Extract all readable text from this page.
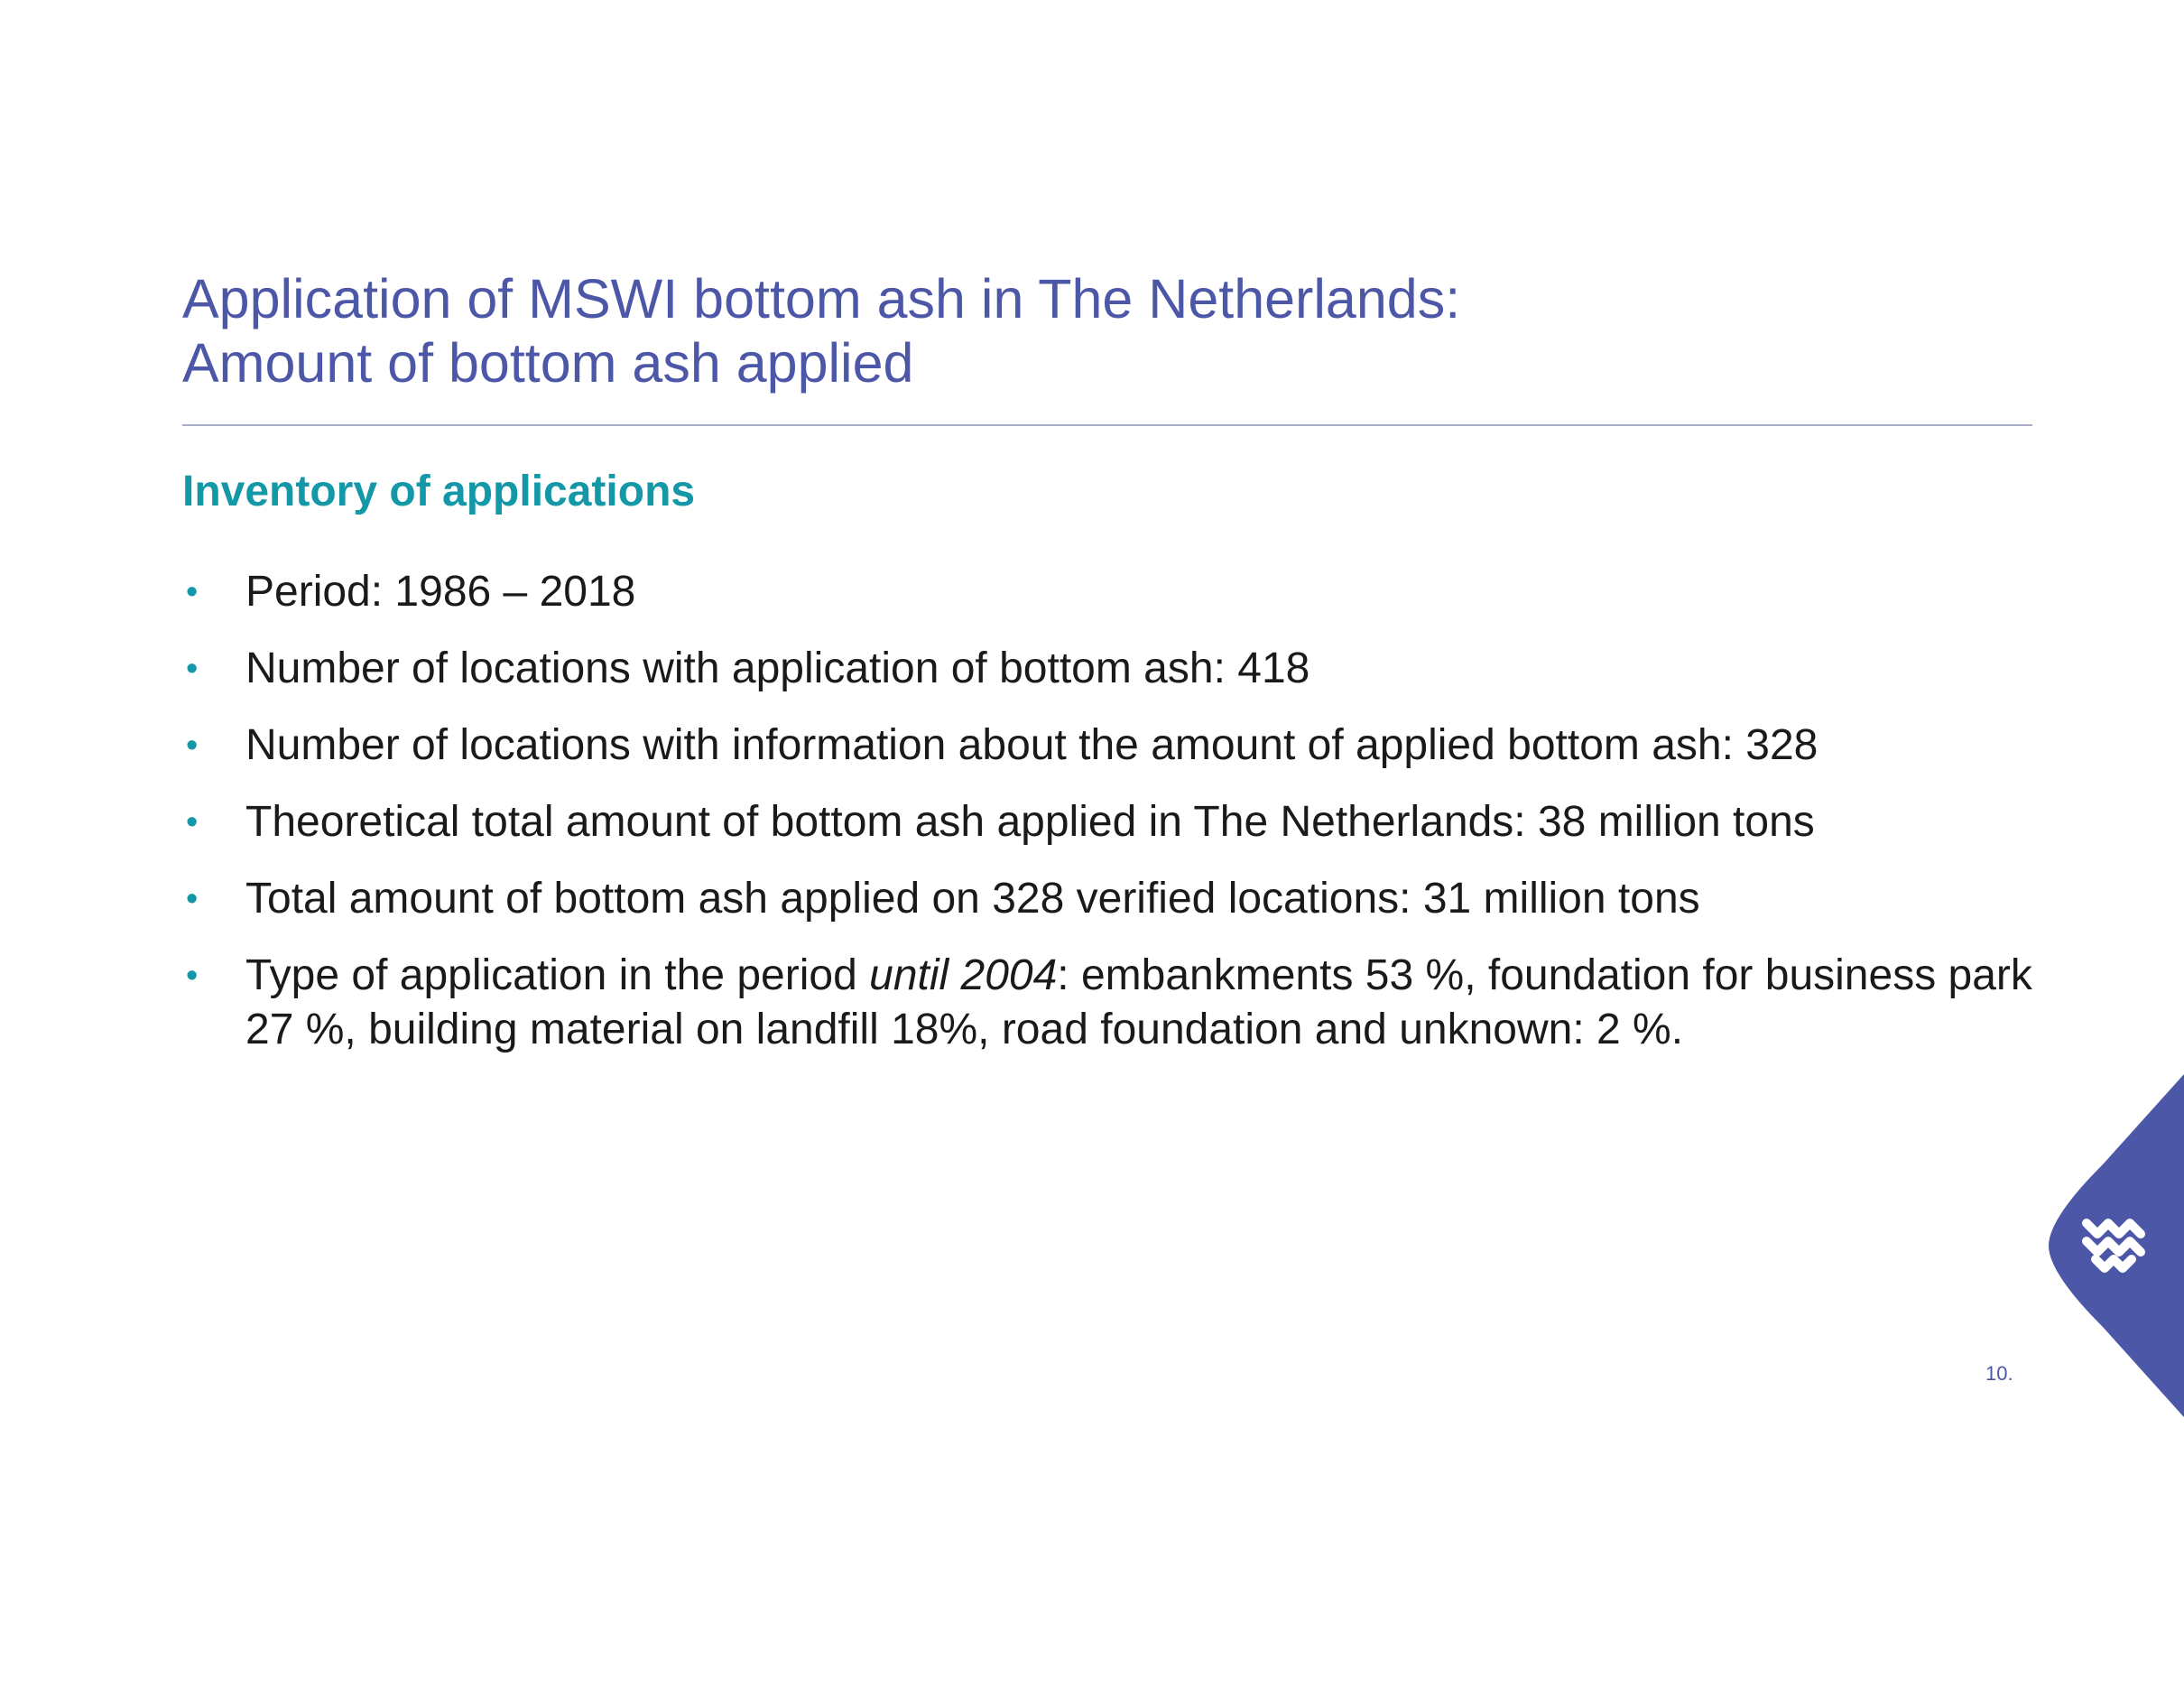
Application of MSWI bottom ash in The Netherlands:
Amount of bottom ash applied
Inventory of applications
• Period: 1986 – 2018
• Number of locations with application of bottom ash: 418
• Number of locations with information about the amount of applied bottom ash: 328
• Theoretical total amount of bottom ash applied in The Netherlands: 38 million tons
• Total amount of bottom ash applied on 328 verified locations: 31 million tons
• Type of application in the period until 2004: embankments 53 %, foundation for business park 27 %, building material on landfill 18%, road foundation and unknown: 2 %.
10.
